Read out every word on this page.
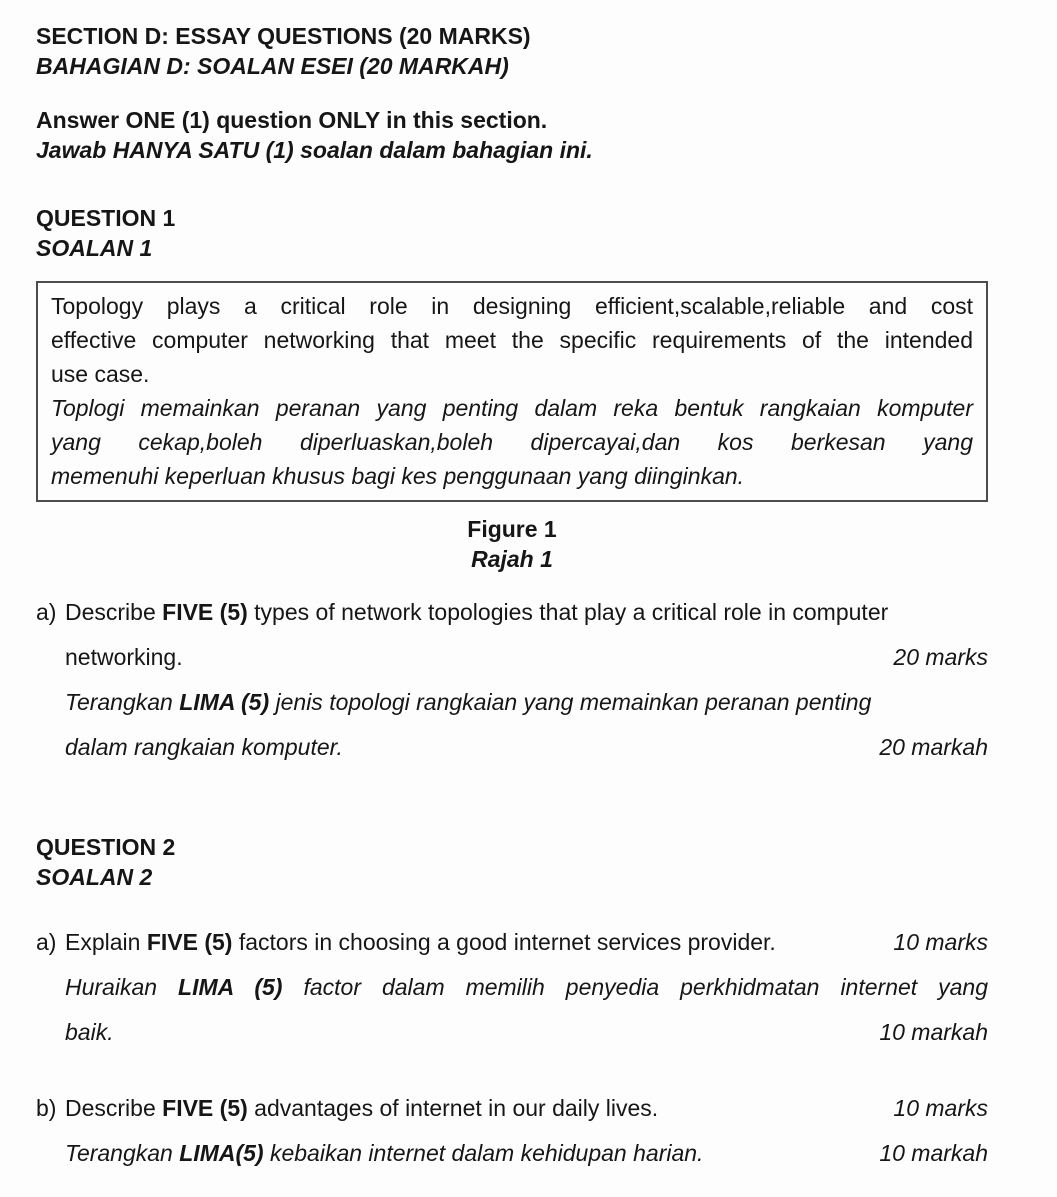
SECTION D: ESSAY QUESTIONS (20 MARKS)
BAHAGIAN D: SOALAN ESEI (20 MARKAH)
Answer ONE (1) question ONLY in this section.
Jawab HANYA SATU (1) soalan dalam bahagian ini.
QUESTION 1
SOALAN 1
Topology plays a critical role in designing efficient,scalable,reliable and cost
effective computer networking that meet the specific requirements of the intended
use case.
Toplogi memainkan peranan yang penting dalam reka bentuk rangkaian komputer
yang cekap,boleh diperluaskan,boleh dipercayai,dan kos berkesan yang
memenuhi keperluan khusus bagi kes penggunaan yang diinginkan.
Figure 1
Rajah 1
a) Describe FIVE (5) types of network topologies that play a critical role in computer
networking.	20 marks
Terangkan LIMA (5) jenis topologi rangkaian yang memainkan peranan penting
dalam rangkaian komputer.	20 markah
QUESTION 2
SOALAN 2
a) Explain FIVE (5) factors in choosing a good internet services provider.	10 marks
Huraikan LIMA (5) factor dalam memilih penyedia perkhidmatan internet yang
baik.	10 markah
b) Describe FIVE (5) advantages of internet in our daily lives.	10 marks
Terangkan LIMA(5) kebaikan internet dalam kehidupan harian.	10 markah
